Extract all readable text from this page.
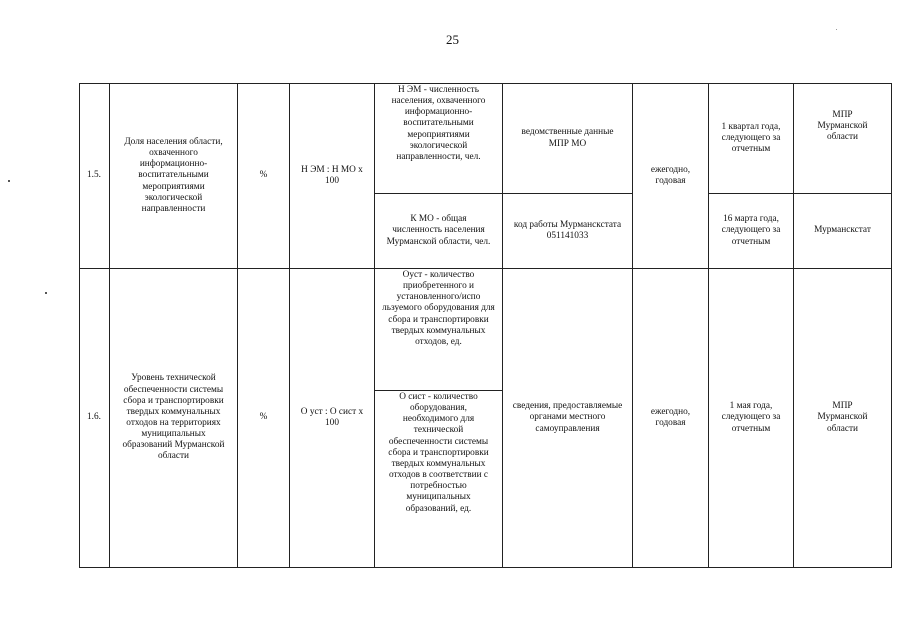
25
1.5.	Доля населения области, охваченного информационно-воспитательными мероприятиями экологической направленности	%	Н ЭМ : Н МО х 100	Н ЭМ - численность населения, охваченного информационно-воспитательными мероприятиями экологической направленности, чел.	ведомственные данные МПР МО	ежегодно, годовая	1 квартал года, следующего за отчетным	МПР Мурманской области
				К МО - общая численность населения Мурманской области, чел.	код работы Мурманскстата 051141033		16 марта года, следующего за отчетным	Мурманскстат
1.6.	Уровень технической обеспеченности системы сбора и транспортировки твердых коммунальных отходов на территориях муниципальных образований Мурманской области	%	О уст : О сист х 100	Оуст - количество приобретенного и установленного/испо льзуемого оборудования для сбора и транспортировки твердых коммунальных отходов, ед.	сведения, предоставляемые органами местного самоуправления	ежегодно, годовая	1 мая года, следующего за отчетным	МПР Мурманской области
				О сист - количество оборудования, необходимого для технической обеспеченности системы сбора и транспортировки твердых коммунальных отходов в соответствии с потребностью муниципальных образований, ед.				
